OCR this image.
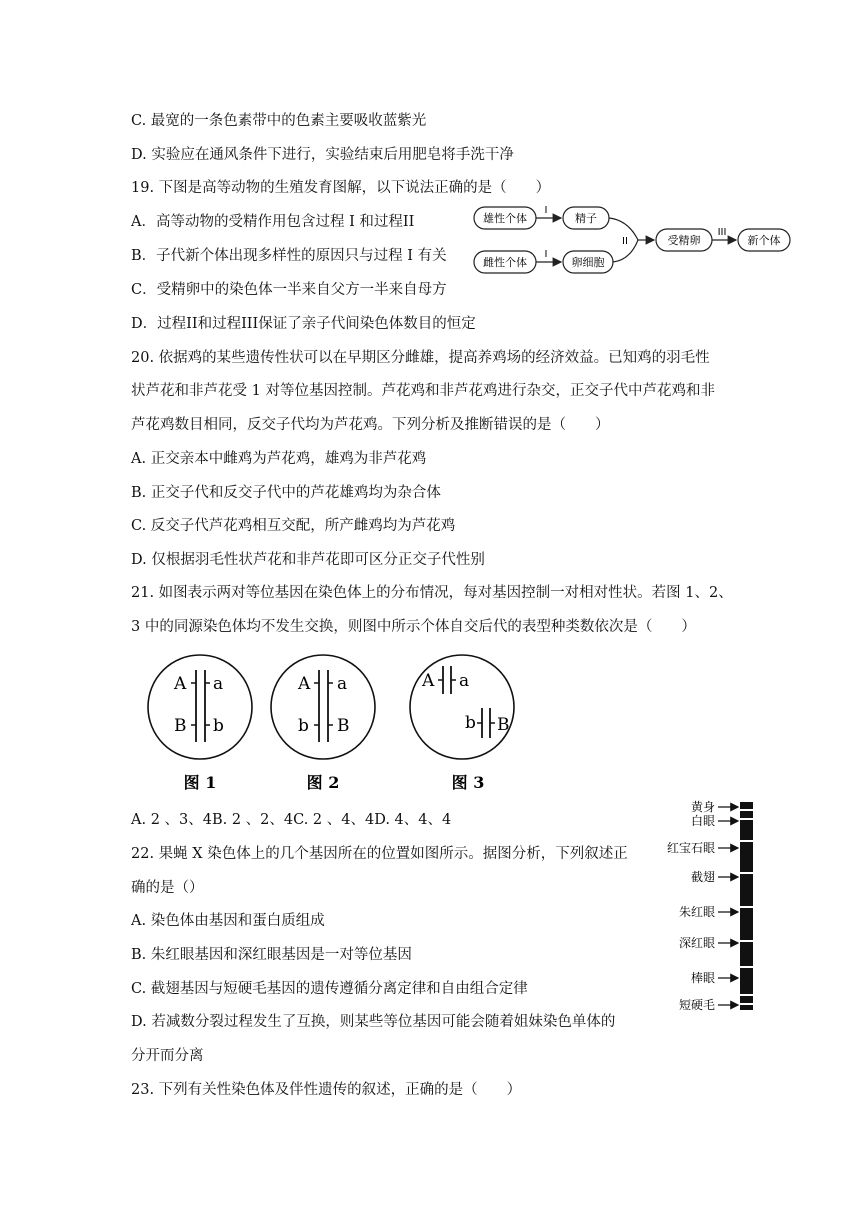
C. 最宽的一条色素带中的色素主要吸收蓝紫光
D. 实验应在通风条件下进行，实验结束后用肥皂将手洗干净
19. 下图是高等动物的生殖发育图解，以下说法正确的是（　　）
A．高等动物的受精作用包含过程 I 和过程II
B．子代新个体出现多样性的原因只与过程 I 有关
C．受精卵中的染色体一半来自父方一半来自母方
D．过程II和过程III保证了亲子代间染色体数目的恒定
雄性个体
I
精子
雌性个体
I
卵细胞
II	受精卵
III
新个体
20. 依据鸡的某些遗传性状可以在早期区分雌雄，提高养鸡场的经济效益。已知鸡的羽毛性
状芦花和非芦花受 1 对等位基因控制。芦花鸡和非芦花鸡进行杂交，正交子代中芦花鸡和非
芦花鸡数目相同，反交子代均为芦花鸡。下列分析及推断错误的是（　　）
A. 正交亲本中雌鸡为芦花鸡，雄鸡为非芦花鸡
B. 正交子代和反交子代中的芦花雄鸡均为杂合体
C. 反交子代芦花鸡相互交配，所产雌鸡均为芦花鸡
D. 仅根据羽毛性状芦花和非芦花即可区分正交子代性别
21. 如图表示两对等位基因在染色体上的分布情况，每对基因控制一对相对性状。若图 1、2、
3 中的同源染色体均不发生交换，则图中所示个体自交后代的表型种类数依次是（　　）
A a
B b
图 1
A a
b B
图 2
A a
b B
图 3
A. 2 、3、4B. 2 、2、4C. 2 、4、4D. 4、4、4
22. 果蝇 X 染色体上的几个基因所在的位置如图所示。据图分析，下列叙述正
确的是（）
A. 染色体由基因和蛋白质组成
B. 朱红眼基因和深红眼基因是一对等位基因
C. 截翅基因与短硬毛基因的遗传遵循分离定律和自由组合定律
D. 若减数分裂过程发生了互换，则某些等位基因可能会随着姐妹染色单体的
分开而分离
黄身
白眼
红宝石眼
截翅
朱红眼
深红眼
棒眼
短硬毛
23. 下列有关性染色体及伴性遗传的叙述，正确的是（　　）
